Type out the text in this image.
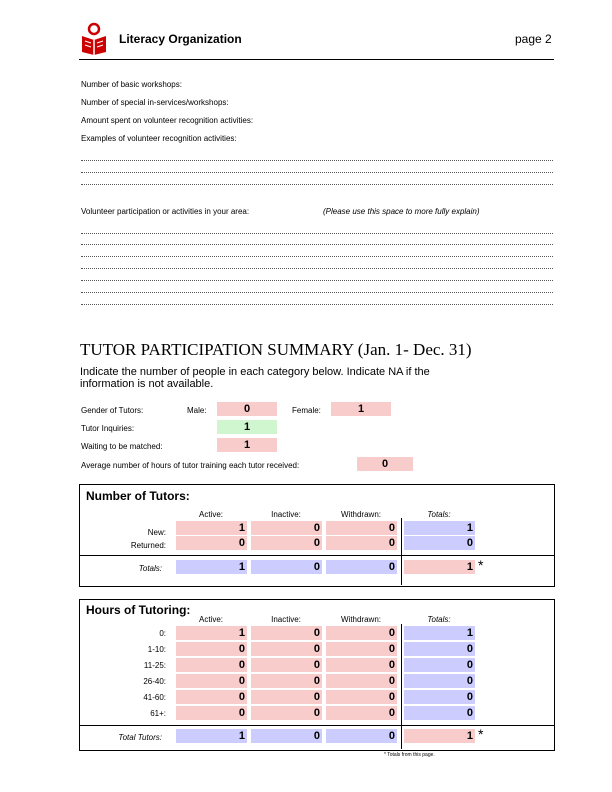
Literacy Organization	page 2
Number of basic workshops:
Number of special in-services/workshops:
Amount spent on volunteer recognition activities:
Examples of volunteer recognition activities:
Volunteer participation or activities in your area:	(Please use this space to more fully explain)
TUTOR PARTICIPATION SUMMARY (Jan. 1- Dec. 31)
Indicate the number of people in each category below. Indicate NA if the information is not available.
Gender of Tutors:	Male:	0	Female:	1
Tutor Inquiries:	1
Waiting to be matched:	1
Average number of hours of tutor training each tutor received:	0
Number of Tutors:
Active:	Inactive:	Withdrawn:	Totals:
New:	1	0	0	1
Returned:	0	0	0	0
Totals:	1	0	0	1 *
Hours of Tutoring:
Active:	Inactive:	Withdrawn:	Totals:
0:	1	0	0	1
1-10:	0	0	0	0
11-25:	0	0	0	0
26-40:	0	0	0	0
41-60:	0	0	0	0
61+:	0	0	0	0
Total Tutors:	1	0	0	1 *
* Totals from this page.
